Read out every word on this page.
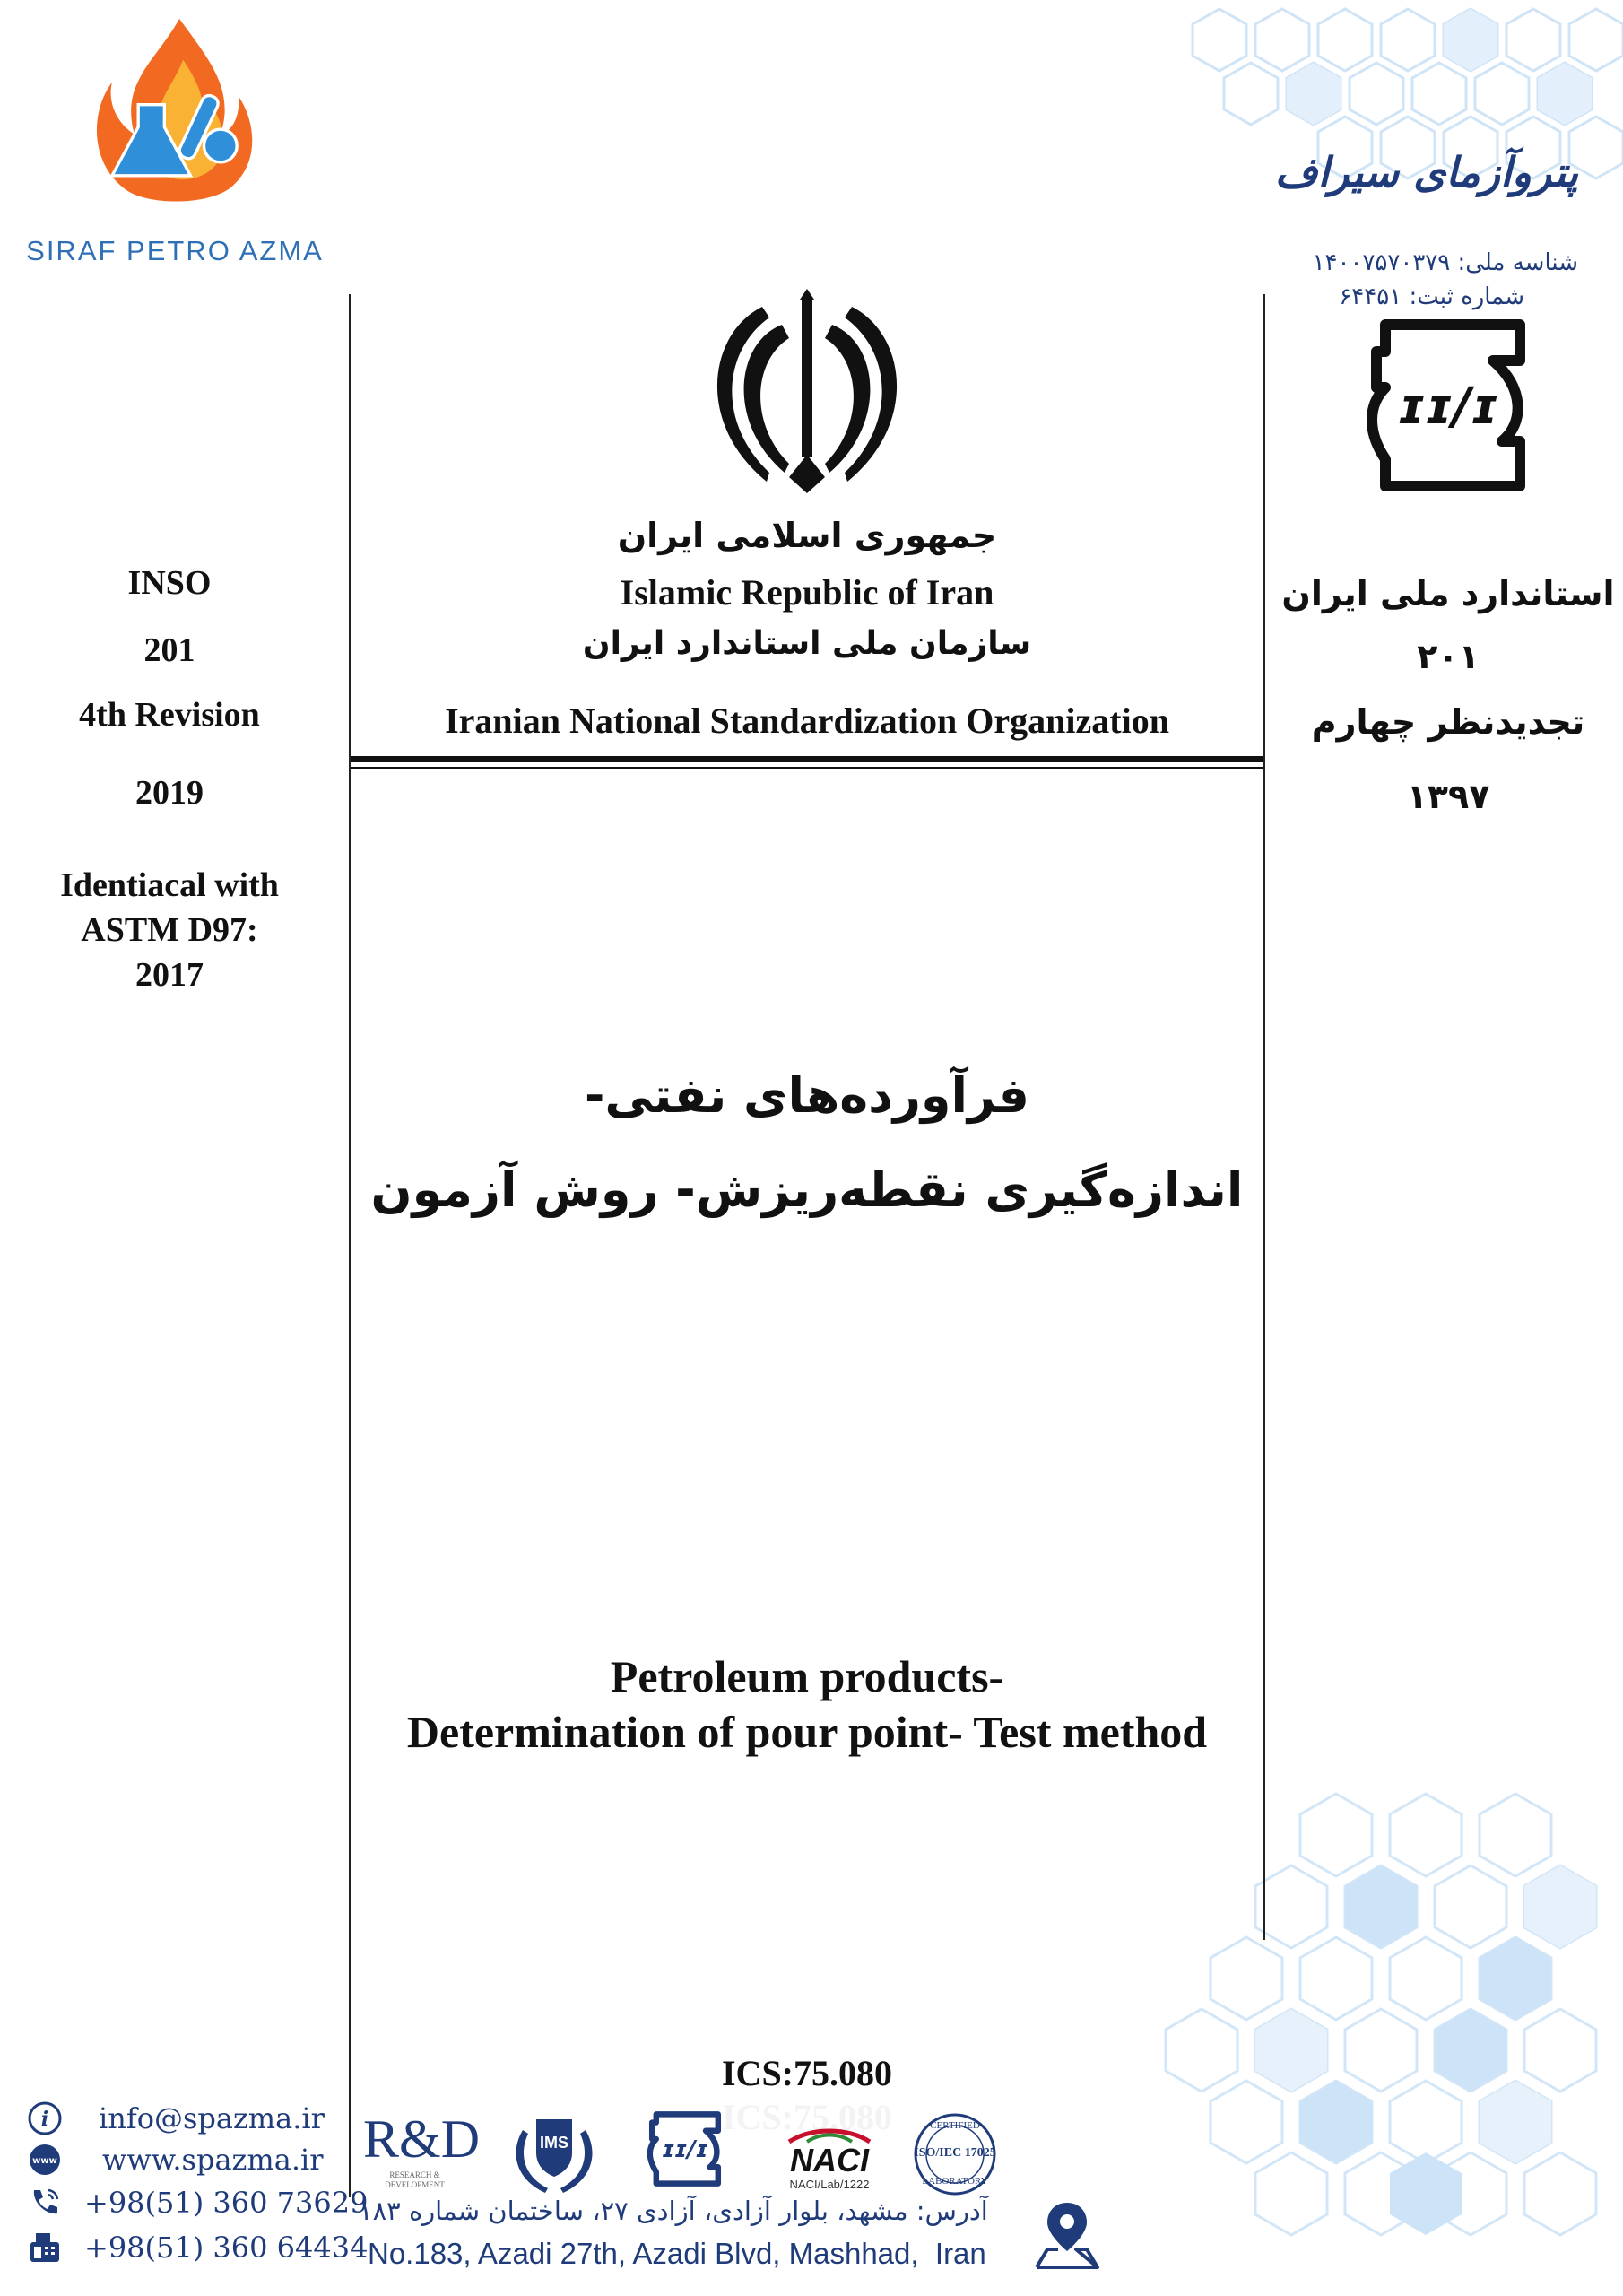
SIRAF PETRO AZMA
پتروآزمای سیراف
شناسه ملی: ۱۴۰۰۷۵۷۰۳۷۹
شماره ثبت: ۶۴۴۵۱
جمهوری اسلامی ایران
Islamic Republic of Iran
سازمان ملی استاندارد ایران
Iranian National Standardization Organization
ɪɪ/ɪ
INSO
201
4th Revision
2019
Identiacal with
ASTM D97:
2017
استاندارد ملی ایران
۲۰۱
تجدیدنظر چهارم
۱۳۹۷
فرآورده‌های نفتی-
اندازه‌گیری نقطه‌ریزش- روش آزمون
Petroleum products-
Determination of pour point- Test method
ICS:75.080
ICS:75.080
i info@spazma.ir
www www.spazma.ir
+98(51) 360 73629
+98(51) 360 64434
R&D
RESEARCH & DEVELOPMENT
IMS	ɪɪ/ɪ	NACI
NACI/Lab/1222
CERTIFIED
ISO/IEC 17025
LABORATORY
آدرس: مشهد، بلوار آزادی، آزادی ۲۷، ساختمان شماره ۱۸۳
No.183, Azadi 27th, Azadi Blvd, Mashhad,  Iran
